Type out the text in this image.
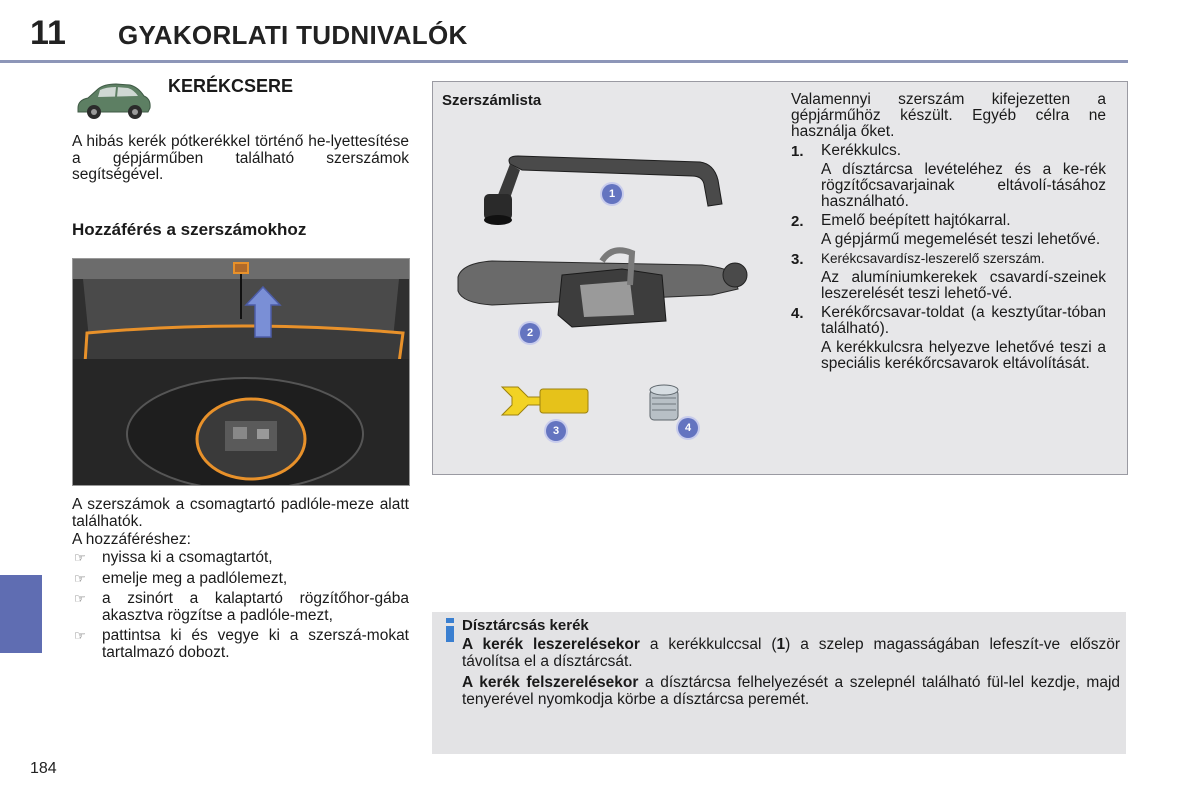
11 GYAKORLATI TUDNIVALÓK
184
KERÉKCSERE
A hibás kerék pótkerékkel történő he-lyettesítése a gépjárműben található szerszámok segítségével.
Hozzáférés a szerszámokhoz
A szerszámok a csomagtartó padlóle-meze alatt találhatók.
A hozzáféréshez:
☞ nyissa ki a csomagtartót,
☞ emelje meg a padlólemezt,
☞ a zsinórt a kalaptartó rögzítőhor-gába akasztva rögzítse a padlóle-mezt,
☞ pattintsa ki és vegye ki a szerszá-mokat tartalmazó dobozt.
Szerszámlista
1
2
3	4
Valamennyi szerszám kifejezetten a gépjárműhöz készült. Egyéb célra ne használja őket.
1. Kerékkulcs.
A dísztárcsa levételéhez és a ke-rék rögzítőcsavarjainak eltávolí-tásához használható.
2. Emelő beépített hajtókarral.
A gépjármű megemelését teszi lehetővé.
3. Kerékcsavardísz-leszerelő szerszám.
Az alumíniumkerekek csavardí-szeinek leszerelését teszi lehető-vé.
4. Kerékőrcsavar-toldat (a kesztyűtar-tóban található).
A kerékkulcsra helyezve lehetővé teszi a speciális kerékőrcsavarok eltávolítását.
Dísztárcsás kerék
A kerék leszerelésekor a kerékkulccsal (1) a szelep magasságában lefeszít-ve először távolítsa el a dísztárcsát.
A kerék felszerelésekor a dísztárcsa felhelyezését a szelepnél található fül-lel kezdje, majd tenyerével nyomkodja körbe a dísztárcsa peremét.
